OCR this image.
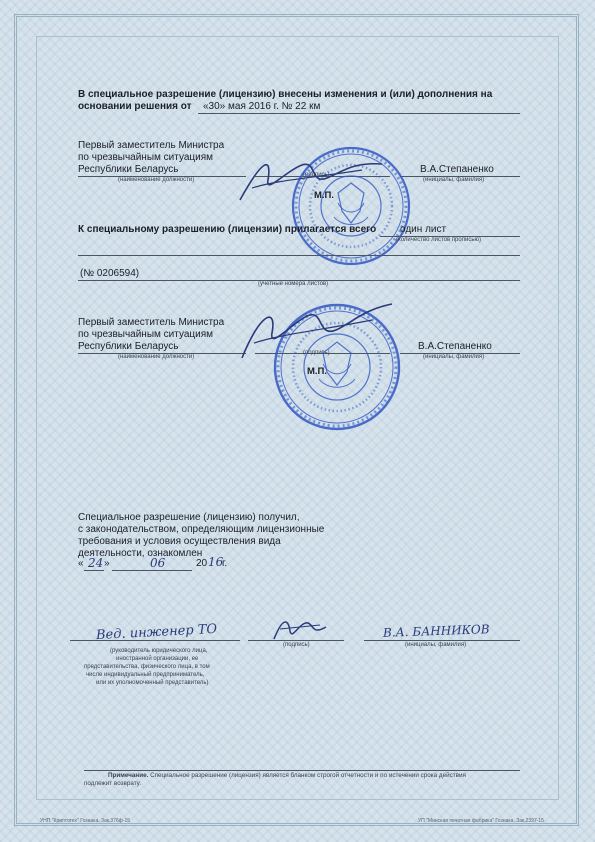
В специальное разрешение (лицензию) внесены изменения и (или) дополнения на
основании решения от «30» мая 2016 г. № 22 км
Первый заместитель Министра
по чрезвычайным ситуациям
Республики Беларусь
(наименование должности)
(подпись)	В.А.Степаненко
(инициалы, фамилия)
М.П.
К специальному разрешению (лицензии) прилагается всего один лист
(количество листов прописью)
(№ 0206594)
(учетные номера листов)
Первый заместитель Министра
по чрезвычайным ситуациям
Республики Беларусь
(наименование должности)
(подпись)
В.А.Степаненко
(инициалы, фамилия)
М.П.
Специальное разрешение (лицензию) получил,
с законодательством, определяющим лицензионные
требования и условия осуществления вида
деятельности, ознакомлен
« 24 »	06	20 16
г.
Вед. инженер ТО	В.А. БАННИКОВ
(подпись)	(инициалы, фамилия)
(руководитель юридического лица,
иностранной организации, ее
представительства, физического лица, в том
числе индивидуальный предприниматель,
или их уполномоченный представитель)
Примечание. Специальное разрешение (лицензия) является бланком строгой отчетности и по истечении срока действия
подлежит возврату.
УНП "Криптотех" Гознака. Зак.376ф-15	УП "Минская печатная фабрика" Гознака. Зак.2397-15
